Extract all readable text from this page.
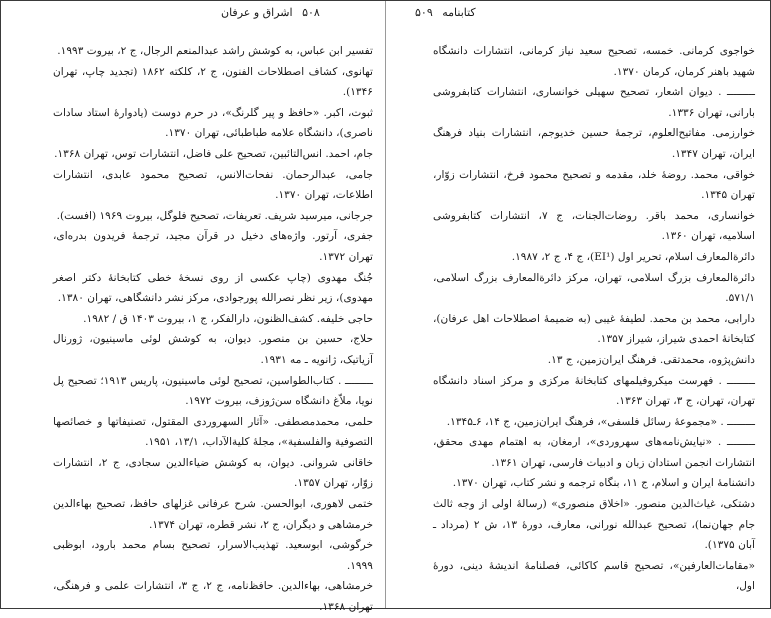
۵۰۸ اشراق و عرفان	کتابنامه ۵۰۹

تفسیر ابن عباس، به کوشش راشد عبدالمنعم الرجال، ج ۲، بیروت ۱۹۹۳.

تهانوی، کشاف اصطلاحات الفنون، ج ۲، کلکته ۱۸۶۲ (تجدید چاپ، تهران ۱۳۴۶).

ثبوت، اکبر. «حافظ و پیر گلرنگ»، در حرم دوست (یادوارهٔ استاد سادات ناصری)، دانشگاه علامه طباطبائی، تهران ۱۳۷۰.

جام، احمد. انس‌التائبین، تصحیح علی فاضل، انتشارات توس، تهران ۱۳۶۸.

جامی، عبدالرحمان. نفحات‌الانس، تصحیح محمود عابدی، انتشارات اطلاعات، تهران ۱۳۷۰.

جرجانی، میرسید شریف. تعریفات، تصحیح فلوگل، بیروت ۱۹۶۹ (افست).

جفری، آرتور. واژه‌های دخیل در قرآن مجید، ترجمهٔ فریدون بدره‌ای، تهران ۱۳۷۲.

جُنگ مهدوی (چاپ عکسی از روی نسخهٔ خطی کتابخانهٔ دکتر اصغر مهدوی)، زیر نظر نصرالله پورجوادی، مرکز نشر دانشگاهی، تهران ۱۳۸۰.

حاجی خلیفه. کشف‌الظنون، دارالفکر، ج ۱، بیروت ۱۴۰۳ ق / ۱۹۸۲.

حلاج، حسین بن منصور. دیوان، به کوشش لوئی ماسینیون، ژورنال آزیاتیک، ژانویه ـ مه ۱۹۳۱.

ـــــــــ . کتاب‌الطواسین، تصحیح لوئی ماسینیون، پاریس ۱۹۱۳؛ تصحیح پل نویا، ملاّغ دانشگاه سن‌ژوزف، بیروت ۱۹۷۲.

حلمی، محمدمصطفی. «آثار السهروردی المقتول، تصنیفاتها و خصائصها التصوفیة والفلسفیة»، مجلهٔ کلیة‌الآداب، ۱۳/۱، ۱۹۵۱.

خاقانی شروانی. دیوان، به کوشش ضیاءالدین سجادی، ج ۲، انتشارات زوّار، تهران ۱۳۵۷.

ختمی لاهوری، ابوالحسن. شرح عرفانی غزلهای حافظ، تصحیح بهاءالدین خرمشاهی و دیگران، ج ۲، نشر قطره، تهران ۱۳۷۴.

خرگوشی، ابوسعید. تهذیب‌الاسرار، تصحیح بسام محمد بارود، ابوظبی ۱۹۹۹.

خرمشاهی، بهاءالدین. حافظ‌نامه، ج ۲، ج ۳، انتشارات علمی و فرهنگی، تهران ۱۳۶۸.

خواجوی کرمانی. خمسه، تصحیح سعید نیاز کرمانی، انتشارات دانشگاه شهید باهنر کرمان، کرمان ۱۳۷۰.

ـــــــــ . دیوان اشعار، تصحیح سهیلی خوانساری، انتشارات کتابفروشی بارانی، تهران ۱۳۳۶.

خوارزمی. مفاتیح‌العلوم، ترجمهٔ حسین خدیوجم، انتشارات بنیاد فرهنگ ایران، تهران ۱۳۴۷.

خواقی، محمد. روضهٔ خلد، مقدمه و تصحیح محمود فرخ، انتشارات زوّار، تهران ۱۳۴۵.

خوانساری، محمد باقر. روضات‌الجنات، ج ۷، انتشارات کتابفروشی اسلامیه، تهران ۱۳۶۰.

دائرة‌المعارف اسلام، تحریر اول (EI¹)، ج ۴، ج ۲، ۱۹۸۷.

دائرة‌المعارف بزرگ اسلامی، تهران، مرکز دائرة‌المعارف بزرگ اسلامی، ۵۷۱/۱.

دارابی، محمد بن محمد. لطیفهٔ غیبی (به ضمیمهٔ اصطلاحات اهل عرفان)، کتابخانهٔ احمدی شیراز، شیراز ۱۳۵۷.

دانش‌پژوه، محمدتقی. فرهنگ ایران‌زمین، ج ۱۳.

ـــــــــ . فهرست میکروفیلمهای کتابخانهٔ مرکزی و مرکز اسناد دانشگاه تهران، تهران، ج ۳، تهران ۱۳۶۳.

ـــــــــ . «مجموعهٔ رسائل فلسفی»، فرهنگ ایران‌زمین، ج ۱۴، ۶ـ۱۳۴۵.

ـــــــــ . «نیایش‌نامه‌های سهروردی»، ارمغان، به اهتمام مهدی محقق، انتشارات انجمن استادان زبان و ادبیات فارسی، تهران ۱۳۶۱.

دانشنامهٔ ایران و اسلام، ج ۱۱، بنگاه ترجمه و نشر کتاب، تهران ۱۳۷۰.

دشتکی، غیاث‌الدین منصور. «اخلاق منصوری» (رسالهٔ اولی از وجه ثالث جام جهان‌نما)، تصحیح عبدالله نورانی، معارف، دورهٔ ۱۳، ش ۲ (مرداد ـ آبان ۱۳۷۵).

«مقامات‌العارفین»، تصحیح قاسم کاکائی، فصلنامهٔ اندیشهٔ دینی، دورهٔ اول،
